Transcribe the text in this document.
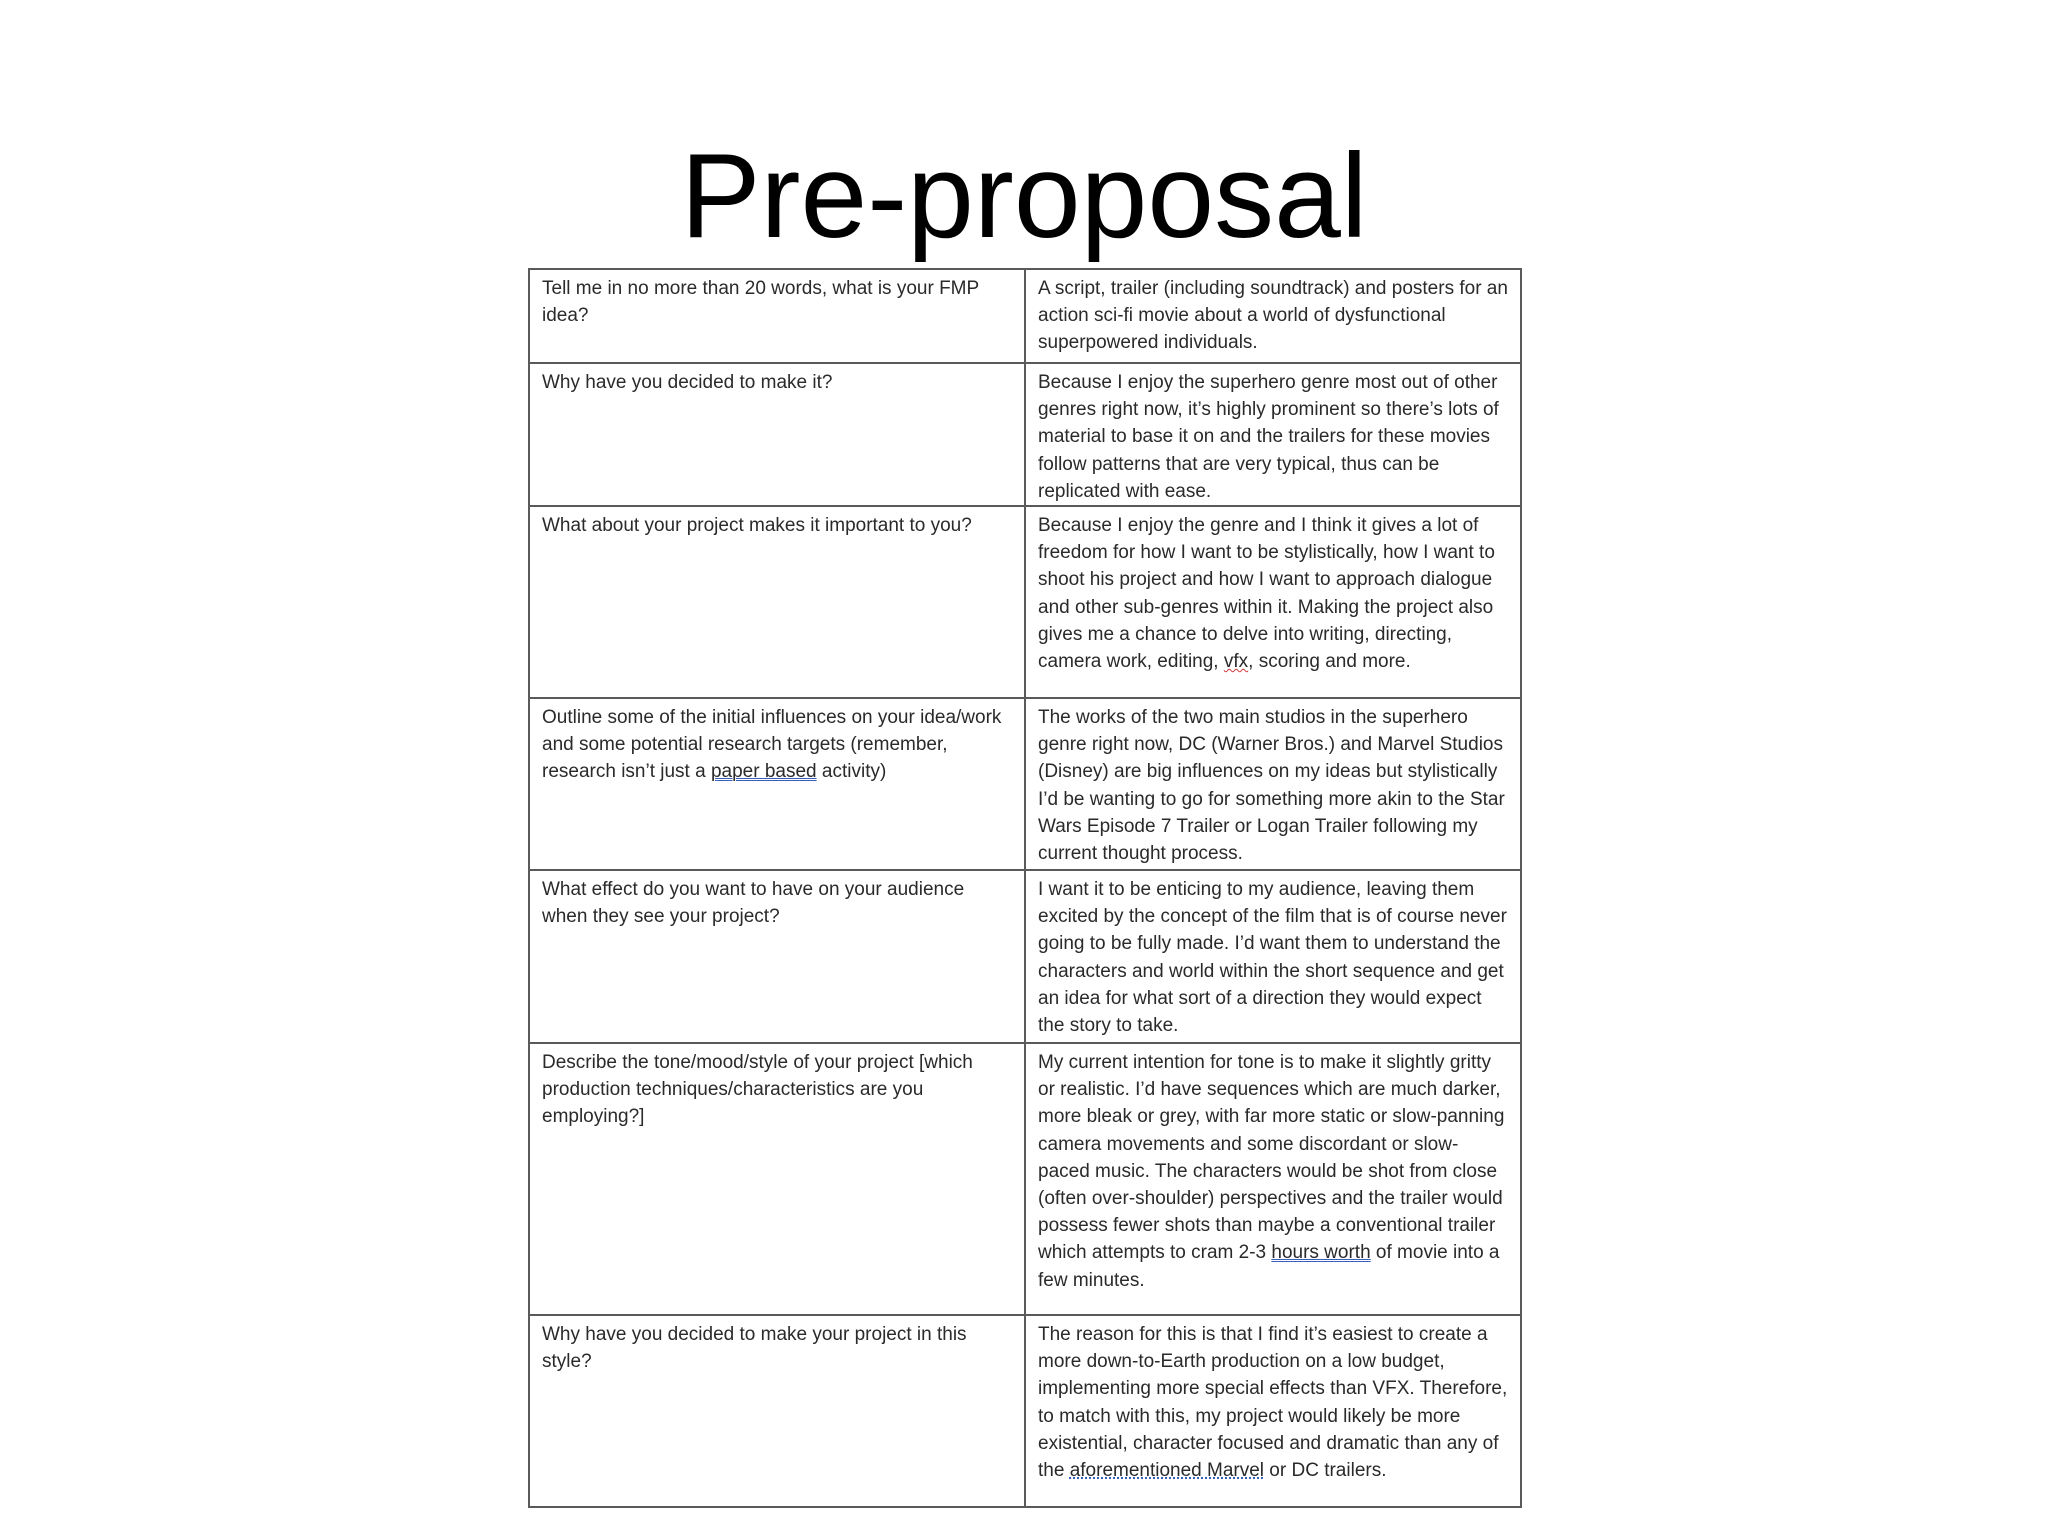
Pre-proposal
Tell me in no more than 20 words, what is your FMP idea?	A script, trailer (including soundtrack) and posters for an action sci-fi movie about a world of dysfunctional superpowered individuals.
Why have you decided to make it?	Because I enjoy the superhero genre most out of other genres right now, it’s highly prominent so there’s lots of material to base it on and the trailers for these movies follow patterns that are very typical, thus can be replicated with ease.
What about your project makes it important to you?	Because I enjoy the genre and I think it gives a lot of freedom for how I want to be stylistically, how I want to shoot his project and how I want to approach dialogue and other sub-genres within it. Making the project also gives me a chance to delve into writing, directing, camera work, editing, vfx, scoring and more.
Outline some of the initial influences on your idea/work and some potential research targets (remember, research isn’t just a paper based activity)	The works of the two main studios in the superhero genre right now, DC (Warner Bros.) and Marvel Studios (Disney) are big influences on my ideas but stylistically I’d be wanting to go for something more akin to the Star Wars Episode 7 Trailer or Logan Trailer following my current thought process.
What effect do you want to have on your audience when they see your project?	I want it to be enticing to my audience, leaving them excited by the concept of the film that is of course never going to be fully made. I’d want them to understand the characters and world within the short sequence and get an idea for what sort of a direction they would expect the story to take.
Describe the tone/mood/style of your project [which production techniques/characteristics are you employing?]	My current intention for tone is to make it slightly gritty or realistic. I’d have sequences which are much darker, more bleak or grey, with far more static or slow-panning camera movements and some discordant or slow-paced music. The characters would be shot from close (often over-shoulder) perspectives and the trailer would possess fewer shots than maybe a conventional trailer which attempts to cram 2-3 hours worth of movie into a few minutes.
Why have you decided to make your project in this style?	The reason for this is that I find it’s easiest to create a more down-to-Earth production on a low budget, implementing more special effects than VFX. Therefore, to match with this, my project would likely be more existential, character focused and dramatic than any of the aforementioned Marvel or DC trailers.
